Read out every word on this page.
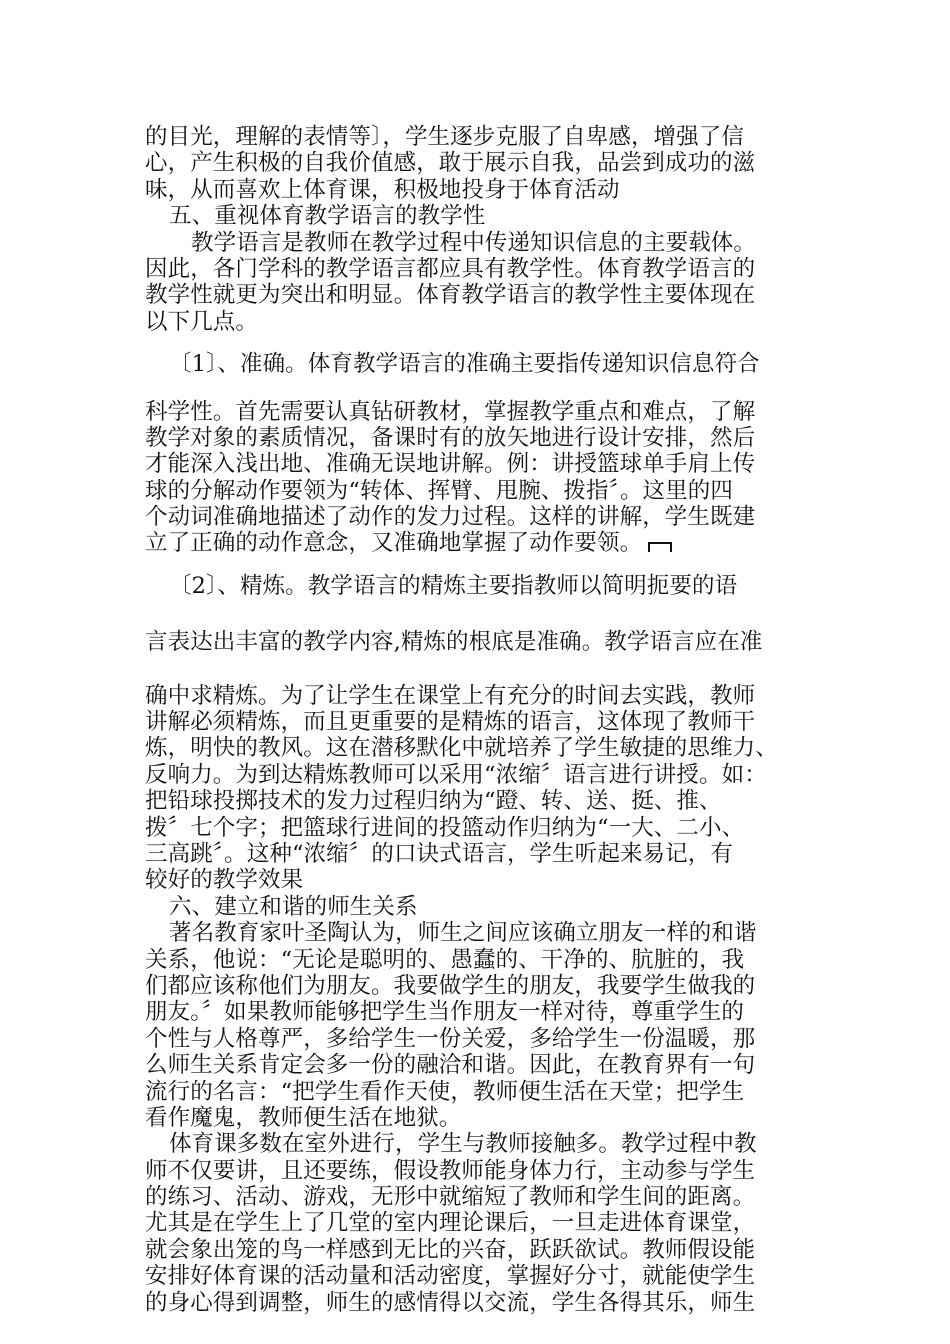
的目光，理解的表情等〕，学生逐步克服了自卑感，增强了信
心，产生积极的自我价值感，敢于展示自我，品尝到成功的滋
味，从而喜欢上体育课，积极地投身于体育活动
五、重视体育教学语言的教学性
教学语言是教师在教学过程中传递知识信息的主要载体。
因此，各门学科的教学语言都应具有教学性。体育教学语言的
教学性就更为突出和明显。体育教学语言的教学性主要体现在
以下几点。
〔1〕、准确。体育教学语言的准确主要指传递知识信息符合
科学性。首先需要认真钻研教材，掌握教学重点和难点，了解
教学对象的素质情况，备课时有的放矢地进行设计安排，然后
才能深入浅出地、准确无误地讲解。例：讲授篮球单手肩上传
球的分解动作要领为“转体、挥臂、甩腕、拨指〞。这里的四
个动词准确地描述了动作的发力过程。这样的讲解，学生既建
立了正确的动作意念，又准确地掌握了动作要领。
〔2〕、精炼。教学语言的精炼主要指教师以简明扼要的语
言表达出丰富的教学内容,精炼的根底是准确。教学语言应在准
确中求精炼。为了让学生在课堂上有充分的时间去实践，教师
讲解必须精炼，而且更重要的是精炼的语言，这体现了教师干
炼，明快的教风。这在潜移默化中就培养了学生敏捷的思维力、
反响力。为到达精炼教师可以采用“浓缩〞语言进行讲授。如：
把铅球投掷技术的发力过程归纳为“蹬、转、送、挺、推、
拨〞七个字；把篮球行进间的投篮动作归纳为“一大、二小、
三高跳〞。这种“浓缩〞的口诀式语言，学生听起来易记，有
较好的教学效果
六、建立和谐的师生关系
著名教育家叶圣陶认为，师生之间应该确立朋友一样的和谐
关系，他说：“无论是聪明的、愚蠢的、干净的、肮脏的，我
们都应该称他们为朋友。我要做学生的朋友，我要学生做我的
朋友。〞如果教师能够把学生当作朋友一样对待，尊重学生的
个性与人格尊严，多给学生一份关爱，多给学生一份温暖，那
么师生关系肯定会多一份的融洽和谐。因此，在教育界有一句
流行的名言：“把学生看作天使，教师便生活在天堂；把学生
看作魔鬼，教师便生活在地狱。
体育课多数在室外进行，学生与教师接触多。教学过程中教
师不仅要讲，且还要练，假设教师能身体力行，主动参与学生
的练习、活动、游戏，无形中就缩短了教师和学生间的距离。
尤其是在学生上了几堂的室内理论课后，一旦走进体育课堂，
就会象出笼的鸟一样感到无比的兴奋，跃跃欲试。教师假设能
安排好体育课的活动量和活动密度，掌握好分寸，就能使学生
的身心得到调整，师生的感情得以交流，学生各得其乐，师生
